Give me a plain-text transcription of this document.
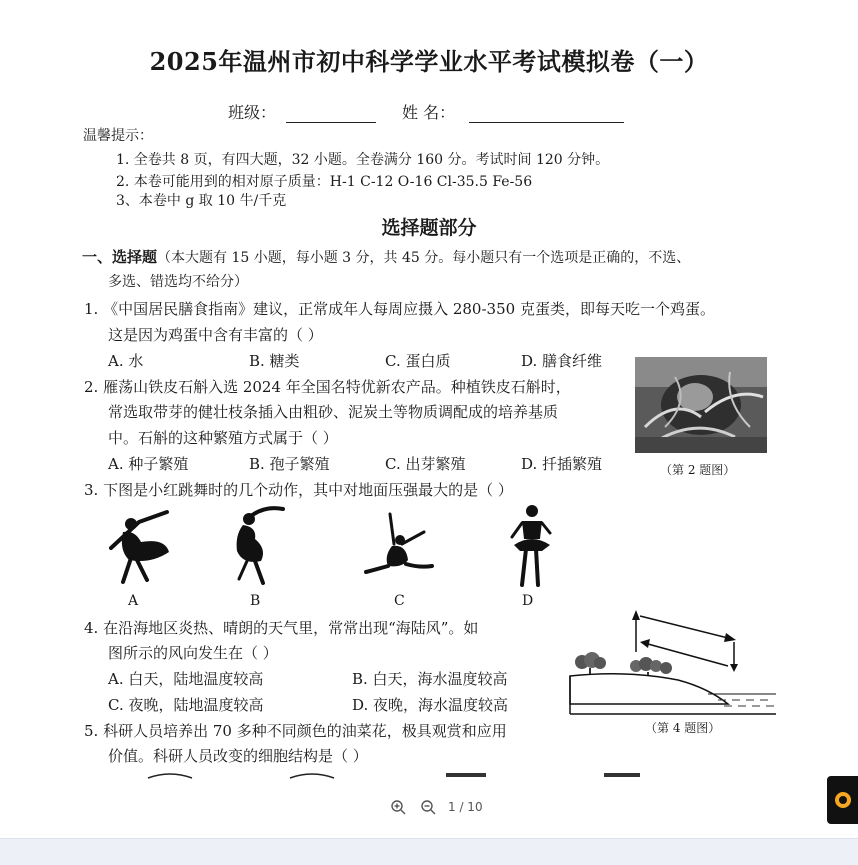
2025年温州市初中科学学业水平考试模拟卷（一）
班级：	姓 名：
温馨提示：
1. 全卷共 8 页，有四大题，32 小题。全卷满分 160 分。考试时间 120 分钟。
2. 本卷可能用到的相对原子质量：H-1 C-12 O-16 Cl-35.5 Fe-56
3、本卷中 g 取 10 牛/千克
选择题部分
一、选择题（本大题有 15 小题，每小题 3 分，共 45 分。每小题只有一个选项是正确的，不选、
多选、错选均不给分）
1. 《中国居民膳食指南》建议，正常成年人每周应摄入 280-350 克蛋类，即每天吃一个鸡蛋。
这是因为鸡蛋中含有丰富的（ ）
A. 水	B. 糖类	C. 蛋白质	D. 膳食纤维
2. 雁荡山铁皮石斛入选 2024 年全国名特优新农产品。种植铁皮石斛时，
常选取带芽的健壮枝条插入由粗砂、泥炭土等物质调配成的培养基质
中。石斛的这种繁殖方式属于（ ）
A. 种子繁殖	B. 孢子繁殖	C. 出芽繁殖	D. 扦插繁殖	（第 2 题图）
3. 下图是小红跳舞时的几个动作，其中对地面压强最大的是（ ）
A	B	C	D
4. 在沿海地区炎热、晴朗的天气里，常常出现“海陆风”。如
图所示的风向发生在（ ）
A. 白天，陆地温度较高	B. 白天，海水温度较高
C. 夜晚，陆地温度较高	D. 夜晚，海水温度较高
（第 4 题图）
5. 科研人员培养出 70 多种不同颜色的油菜花，极具观赏和应用
价值。科研人员改变的细胞结构是（ ）
1 / 10
